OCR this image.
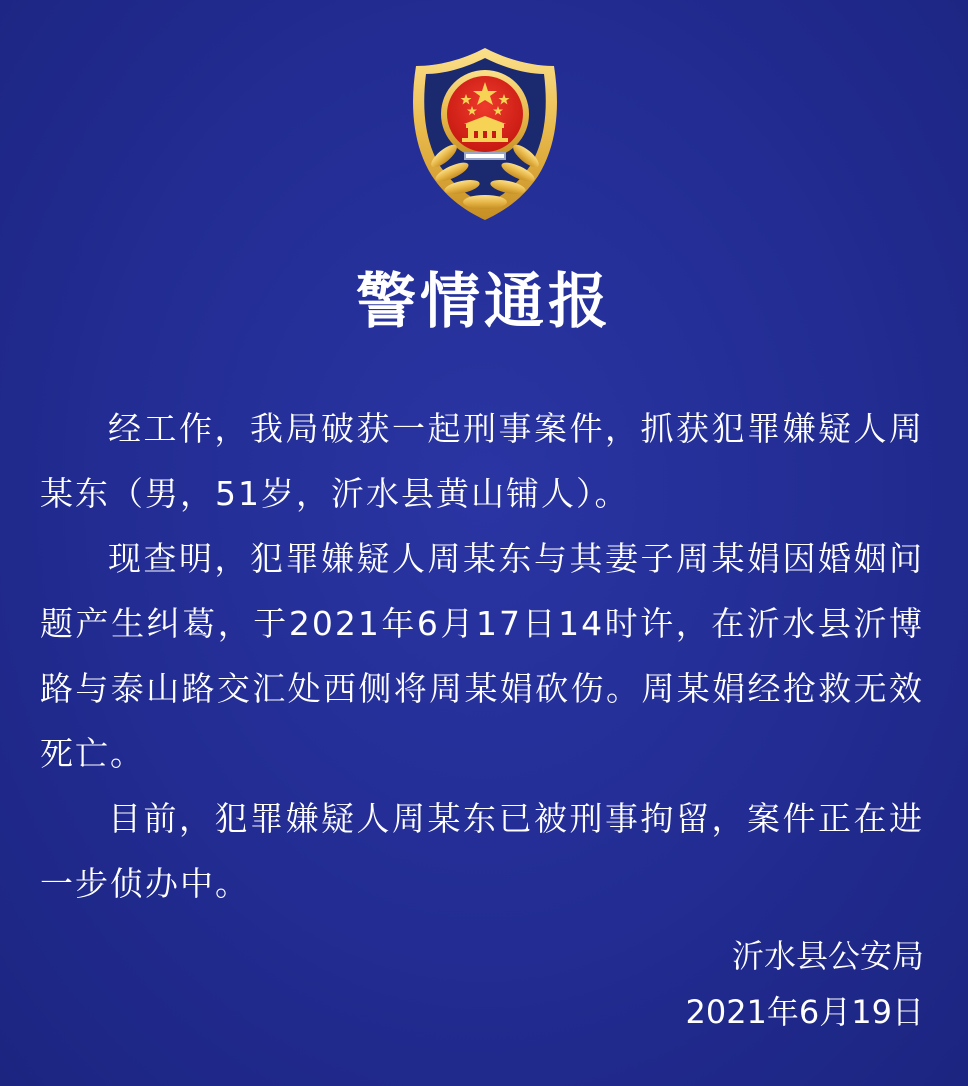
警情通报

经工作，我局破获一起刑事案件，抓获犯罪嫌疑人周某东（男，51岁，沂水县黄山铺人）。

现查明，犯罪嫌疑人周某东与其妻子周某娟因婚姻问题产生纠葛，于2021年6月17日14时许，在沂水县沂博路与泰山路交汇处西侧将周某娟砍伤。周某娟经抢救无效死亡。

目前，犯罪嫌疑人周某东已被刑事拘留，案件正在进一步侦办中。

沂水县公安局
2021年6月19日
